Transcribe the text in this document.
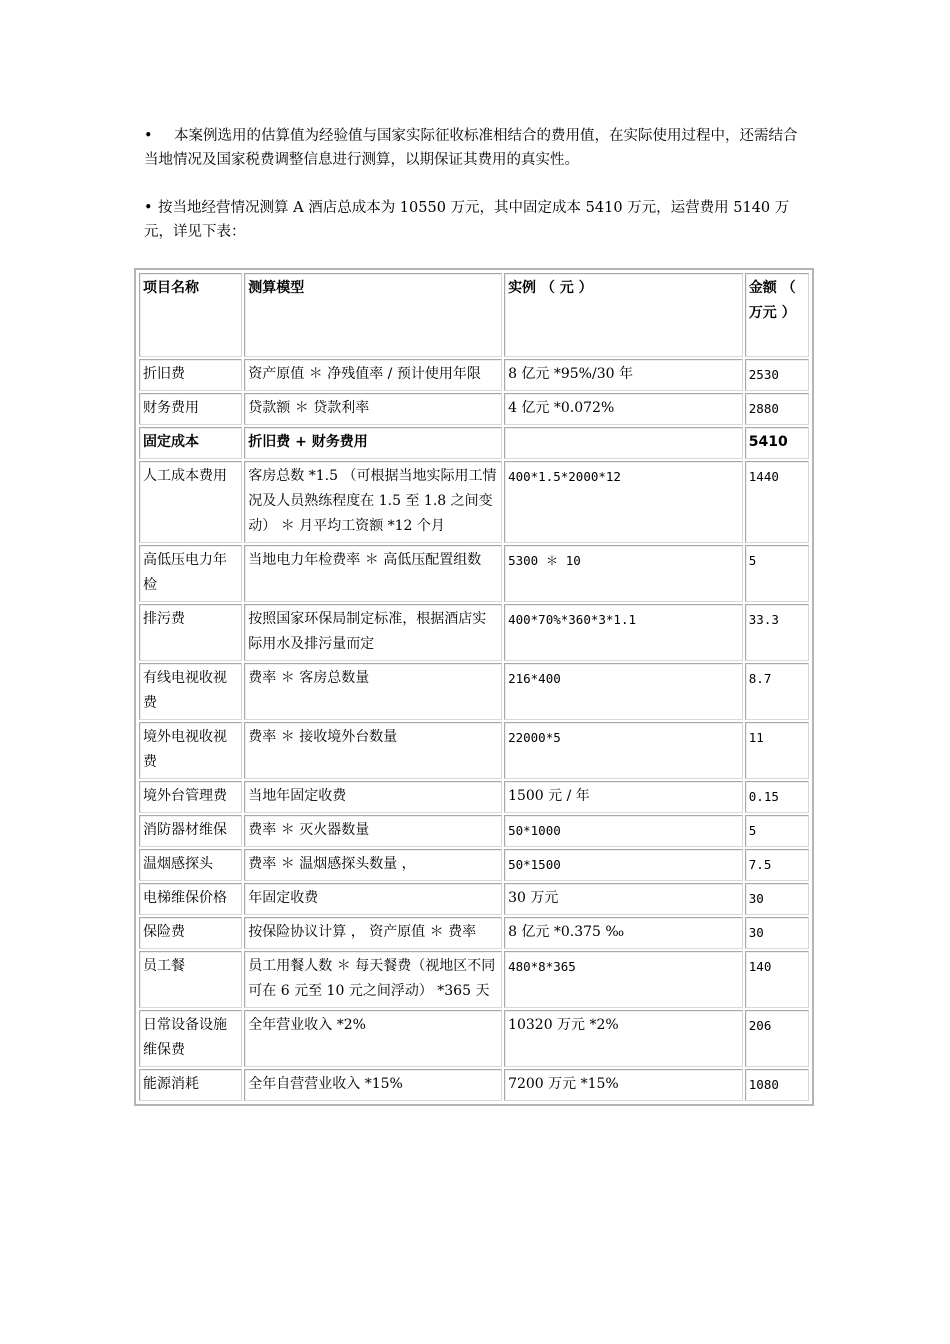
• 本案例选用的估算值为经验值与国家实际征收标准相结合的费用值，在实际使用过程中，还需结合当地情况及国家税费调整信息进行测算，以期保证其费用的真实性。
• 按当地经营情况测算 A 酒店总成本为 10550 万元，其中固定成本 5410 万元，运营费用 5140 万元，详见下表：
项目名称	测算模型	实例 （ 元 ）	金额 （ 万元 ）
折旧费	资产原值 ＊ 净残值率 / 预计使用年限	8 亿元 *95%/30 年	2530
财务费用	贷款额 ＊ 贷款利率	4 亿元 *0.072%	2880
固定成本	折旧费 + 财务费用		5410
人工成本费用	客房总数 *1.5 （可根据当地实际用工情况及人员熟练程度在 1.5 至 1.8 之间变动） ＊ 月平均工资额 *12 个月	400*1.5*2000*12	1440
高低压电力年检	当地电力年检费率 ＊ 高低压配置组数	5300 ＊ 10	5
排污费	按照国家环保局制定标准，根据酒店实际用水及排污量而定	400*70%*360*3*1.1	33.3
有线电视收视费	费率 ＊ 客房总数量	216*400	8.7
境外电视收视费	费率 ＊ 接收境外台数量	22000*5	11
境外台管理费	当地年固定收费	1500 元 / 年	0.15
消防器材维保	费率 ＊ 灭火器数量	50*1000	5
温烟感探头	费率 ＊ 温烟感探头数量 ，	50*1500	7.5
电梯维保价格	年固定收费	30 万元	30
保险费	按保险协议计算 ， 资产原值 ＊ 费率	8 亿元 *0.375 ‰	30
员工餐	员工用餐人数 ＊ 每天餐费（视地区不同可在 6 元至 10 元之间浮动） *365 天	480*8*365	140
日常设备设施维保费	全年营业收入 *2%	10320 万元 *2%	206
能源消耗	全年自营营业收入 *15%	7200 万元 *15%	1080
